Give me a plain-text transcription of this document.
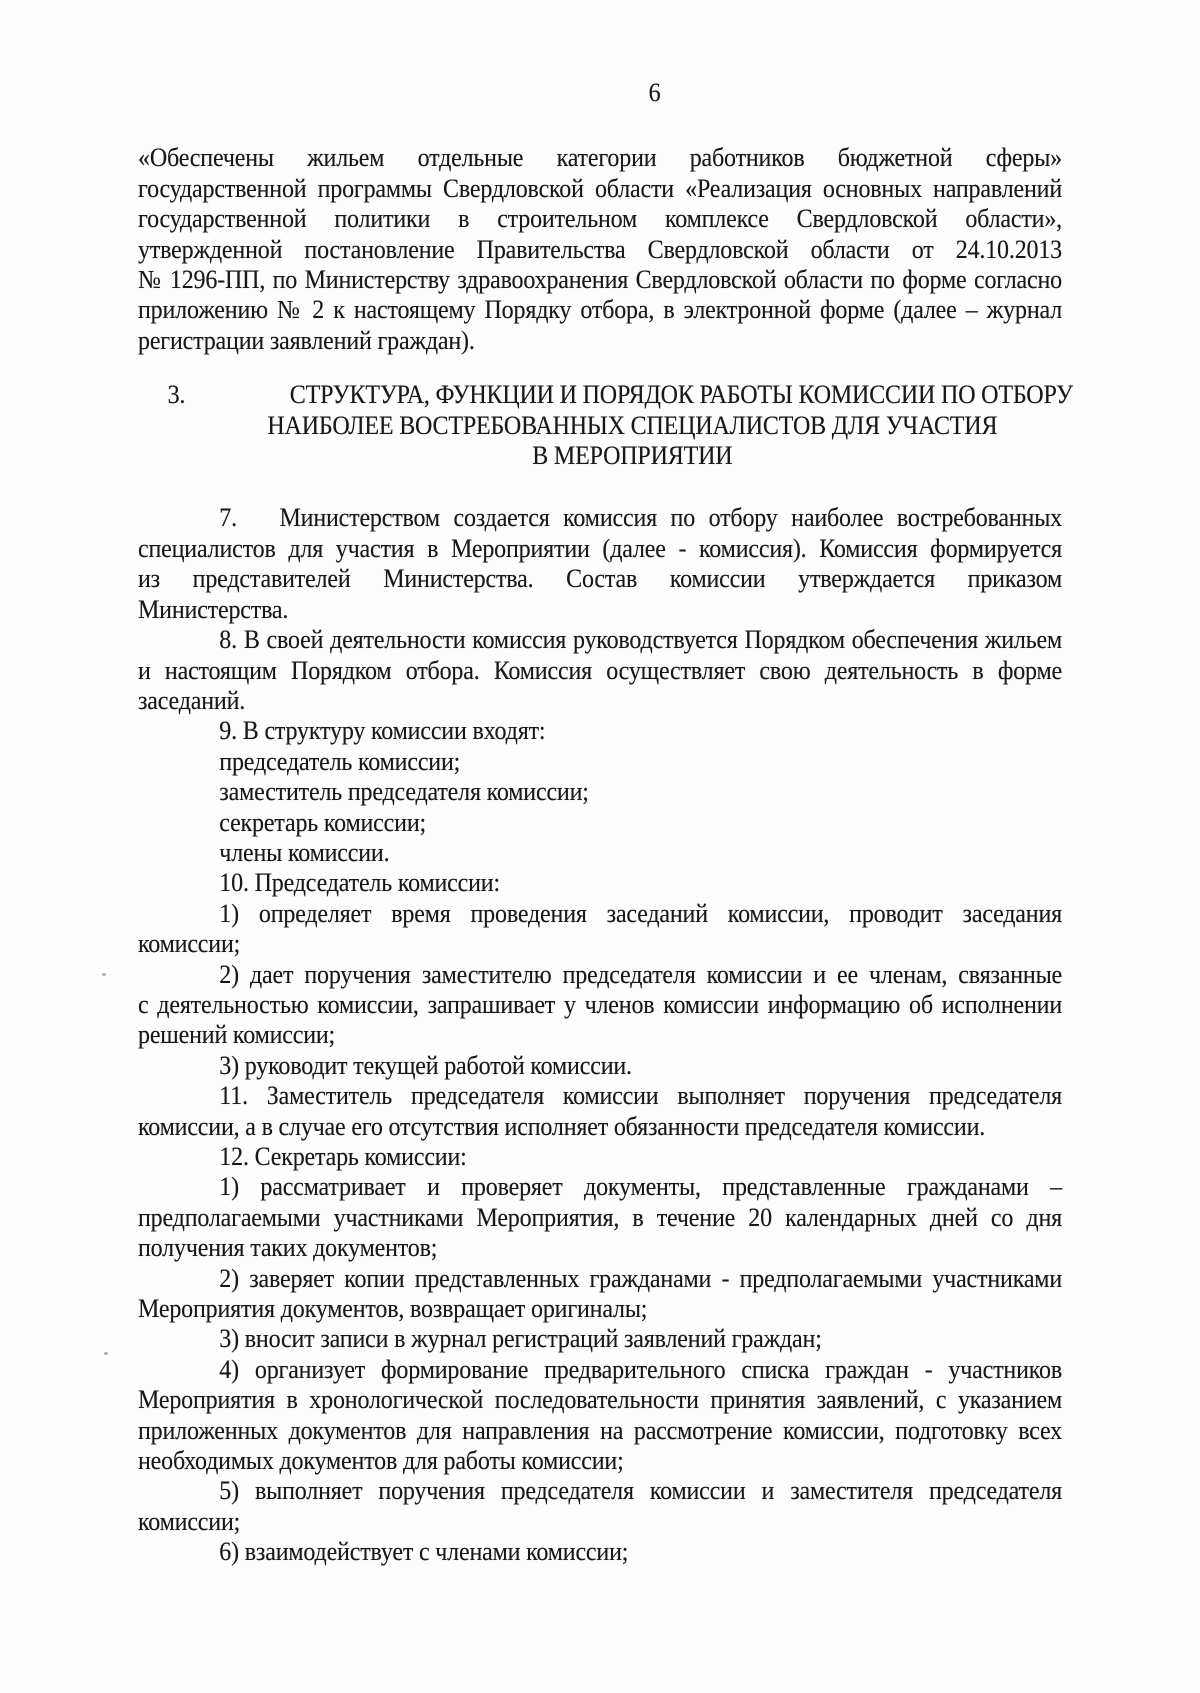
6
«Обеспечены жильем отдельные категории работников бюджетной сферы»
государственной программы Свердловской области «Реализация основных направлений
государственной политики в строительном комплексе Свердловской области»,
утвержденной постановление Правительства Свердловской области от 24.10.2013
№ 1296-ПП, по Министерству здравоохранения Свердловской области по форме согласно
приложению № 2 к настоящему Порядку отбора, в электронной форме (далее – журнал
регистрации заявлений граждан).
3.	СТРУКТУРА, ФУНКЦИИ И ПОРЯДОК РАБОТЫ КОМИССИИ ПО ОТБОРУ
НАИБОЛЕЕ ВОСТРЕБОВАННЫХ СПЕЦИАЛИСТОВ ДЛЯ УЧАСТИЯ
В МЕРОПРИЯТИИ
7. Министерством создается комиссия по отбору наиболее востребованных
специалистов для участия в Мероприятии (далее - комиссия). Комиссия формируется
из представителей Министерства. Состав комиссии утверждается приказом
Министерства.
8. В своей деятельности комиссия руководствуется Порядком обеспечения жильем
и настоящим Порядком отбора. Комиссия осуществляет свою деятельность в форме
заседаний.
9. В структуру комиссии входят:
председатель комиссии;
заместитель председателя комиссии;
секретарь комиссии;
члены комиссии.
10. Председатель комиссии:
1) определяет время проведения заседаний комиссии, проводит заседания
комиссии;
2) дает поручения заместителю председателя комиссии и ее членам, связанные
с деятельностью комиссии, запрашивает у членов комиссии информацию об исполнении
решений комиссии;
3) руководит текущей работой комиссии.
11. Заместитель председателя комиссии выполняет поручения председателя
комиссии, а в случае его отсутствия исполняет обязанности председателя комиссии.
12. Секретарь комиссии:
1) рассматривает и проверяет документы, представленные гражданами –
предполагаемыми участниками Мероприятия, в течение 20 календарных дней со дня
получения таких документов;
2) заверяет копии представленных гражданами - предполагаемыми участниками
Мероприятия документов, возвращает оригиналы;
3) вносит записи в журнал регистраций заявлений граждан;
4) организует формирование предварительного списка граждан - участников
Мероприятия в хронологической последовательности принятия заявлений, с указанием
приложенных документов для направления на рассмотрение комиссии, подготовку всех
необходимых документов для работы комиссии;
5) выполняет поручения председателя комиссии и заместителя председателя
комиссии;
6) взаимодействует с членами комиссии;
